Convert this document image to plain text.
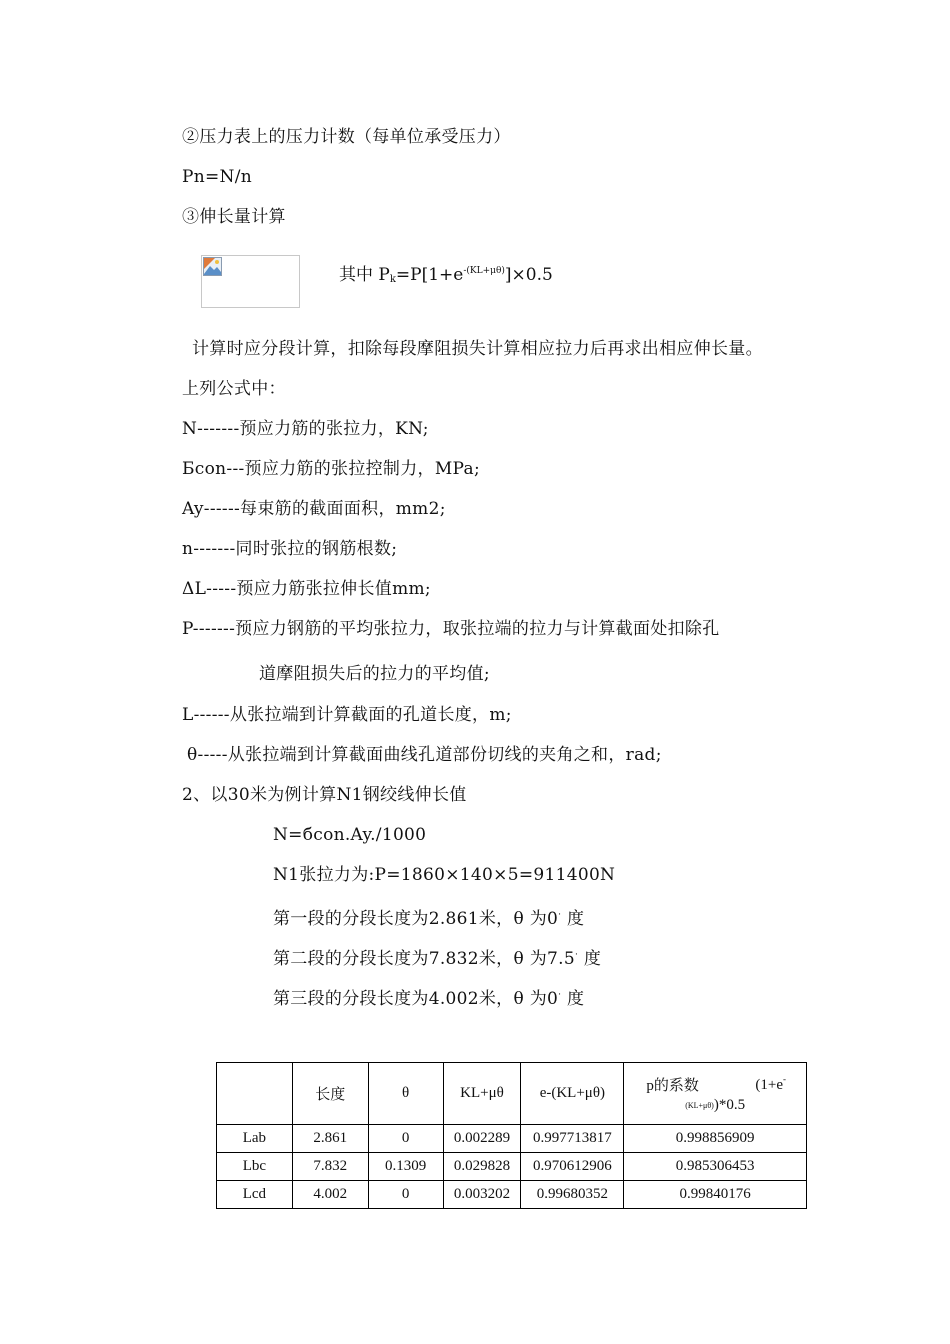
②压力表上的压力计数（每单位承受压力）
Pn=N/n
③伸长量计算
其中 $P_k=P[1+e^{-(KL+\mu\theta)}]\times 0.5$
计算时应分段计算，扣除每段摩阻损失计算相应拉力后再求出相应伸长量。
上列公式中：
N-------预应力筋的张拉力，KN;
Бcon---预应力筋的张拉控制力，MPa;
Ay------每束筋的截面面积，mm2;
n-------同时张拉的钢筋根数;
ΔL-----预应力筋张拉伸长值mm;
P-------预应力钢筋的平均张拉力，取张拉端的拉力与计算截面处扣除孔
道摩阻损失后的拉力的平均值;
L------从张拉端到计算截面的孔道长度，m;
θ-----从张拉端到计算截面曲线孔道部份切线的夹角之和，rad;
2、以30米为例计算N1钢绞线伸长值
N=бcon.Ay./1000
N1张拉力为:P=1860×140×5=911400N
第一段的分段长度为2.861米，θ 为0· 度
第二段的分段长度为7.832米，θ 为7.5· 度
第三段的分段长度为4.002米，θ 为0· 度
	长度	θ	KL+μθ	e-(KL+μθ)	p的系数 (1+e-
(KL+μθ))*0.5

Lab	2.861	0	0.002289	0.997713817	0.998856909
Lbc	7.832	0.1309	0.029828	0.970612906	0.985306453
Lcd	4.002	0	0.003202	0.99680352	0.99840176
